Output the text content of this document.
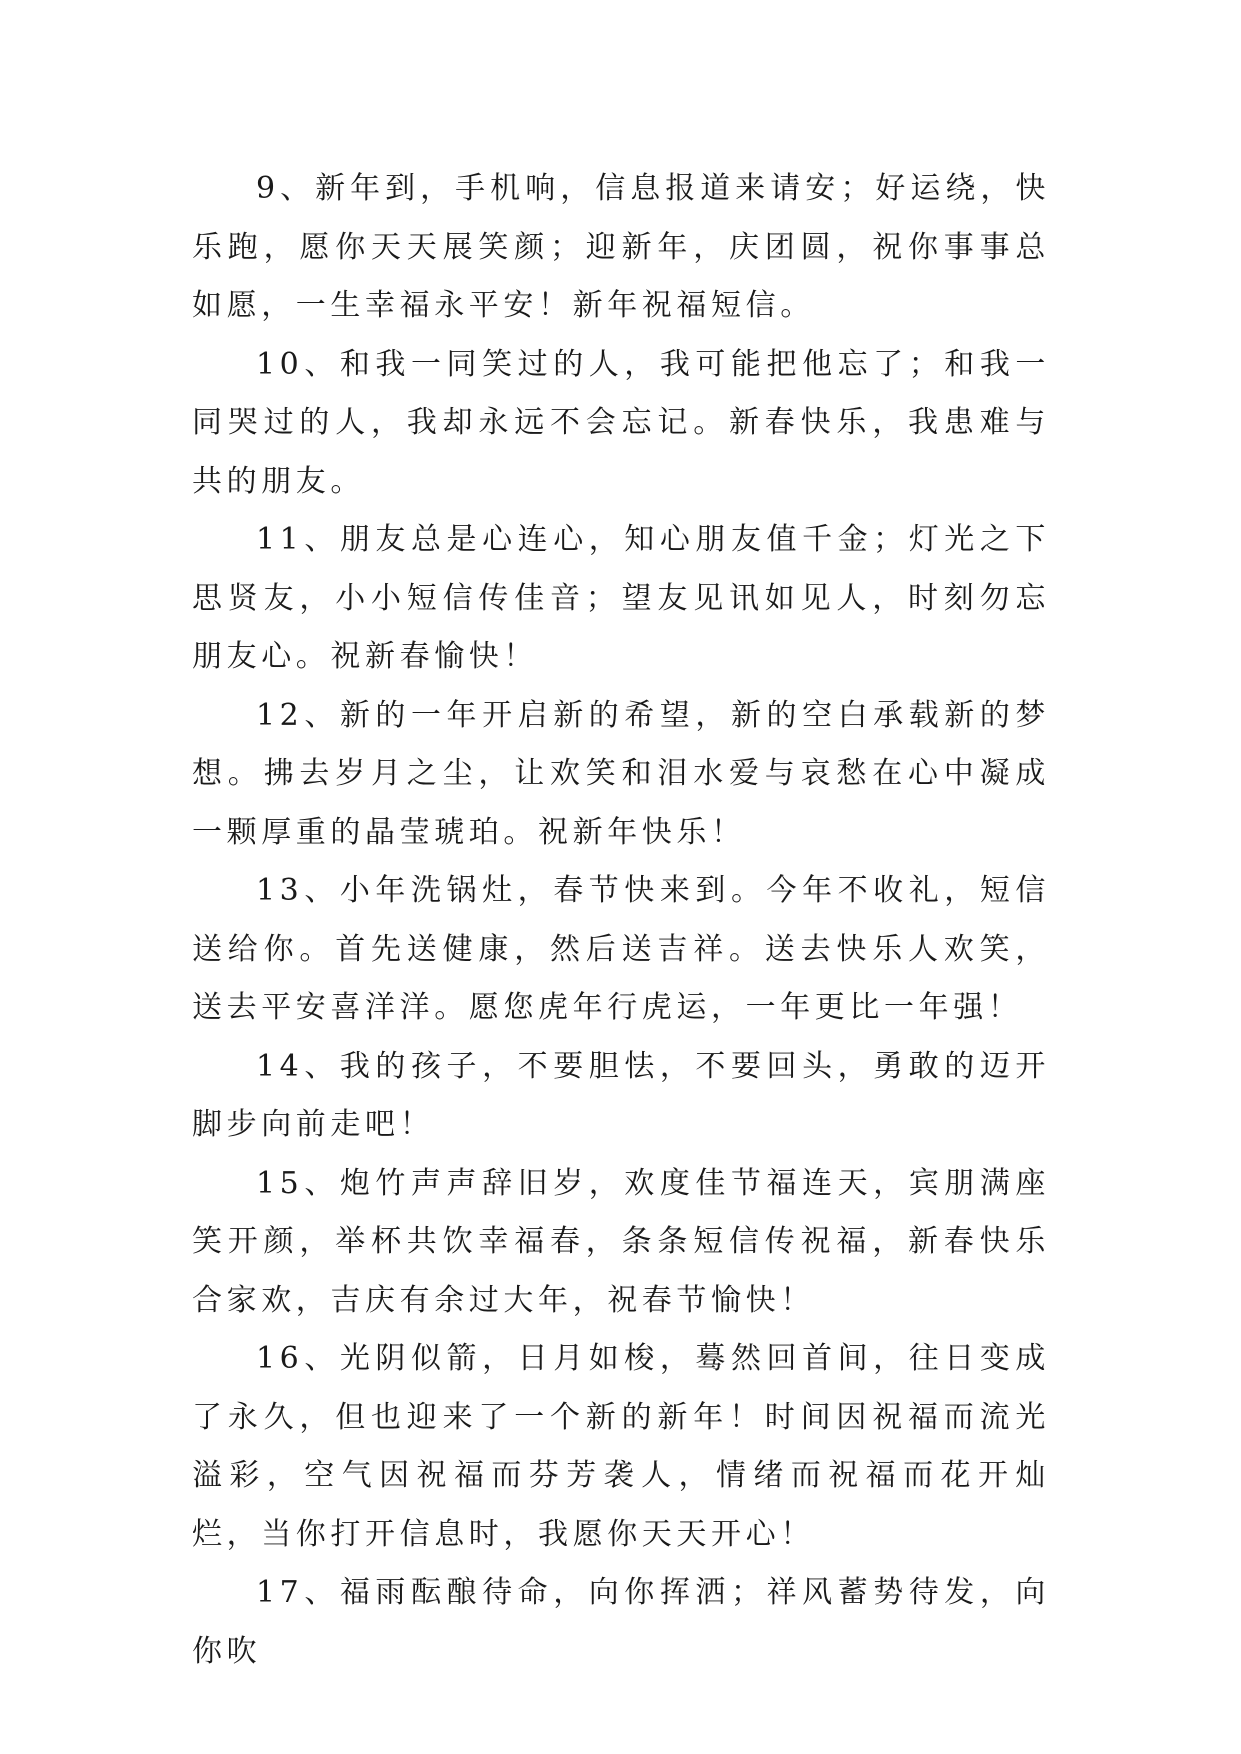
9、新年到，手机响，信息报道来请安；好运绕，快乐跑，愿你天天展笑颜；迎新年，庆团圆，祝你事事总如愿，一生幸福永平安！新年祝福短信。

10、和我一同笑过的人，我可能把他忘了；和我一同哭过的人，我却永远不会忘记。新春快乐，我患难与共的朋友。

11、朋友总是心连心，知心朋友值千金；灯光之下思贤友，小小短信传佳音；望友见讯如见人，时刻勿忘朋友心。祝新春愉快！

12、新的一年开启新的希望，新的空白承载新的梦想。拂去岁月之尘，让欢笑和泪水爱与哀愁在心中凝成一颗厚重的晶莹琥珀。祝新年快乐！

13、小年洗锅灶，春节快来到。今年不收礼，短信送给你。首先送健康，然后送吉祥。送去快乐人欢笑，送去平安喜洋洋。愿您虎年行虎运，一年更比一年强！

14、我的孩子，不要胆怯，不要回头，勇敢的迈开脚步向前走吧！

15、炮竹声声辞旧岁，欢度佳节福连天，宾朋满座笑开颜，举杯共饮幸福春，条条短信传祝福，新春快乐合家欢，吉庆有余过大年，祝春节愉快！

16、光阴似箭，日月如梭，蓦然回首间，往日变成了永久，但也迎来了一个新的新年！时间因祝福而流光溢彩，空气因祝福而芬芳袭人，情绪而祝福而花开灿烂，当你打开信息时，我愿你天天开心！

17、福雨酝酿待命，向你挥洒；祥风蓄势待发，向你吹
